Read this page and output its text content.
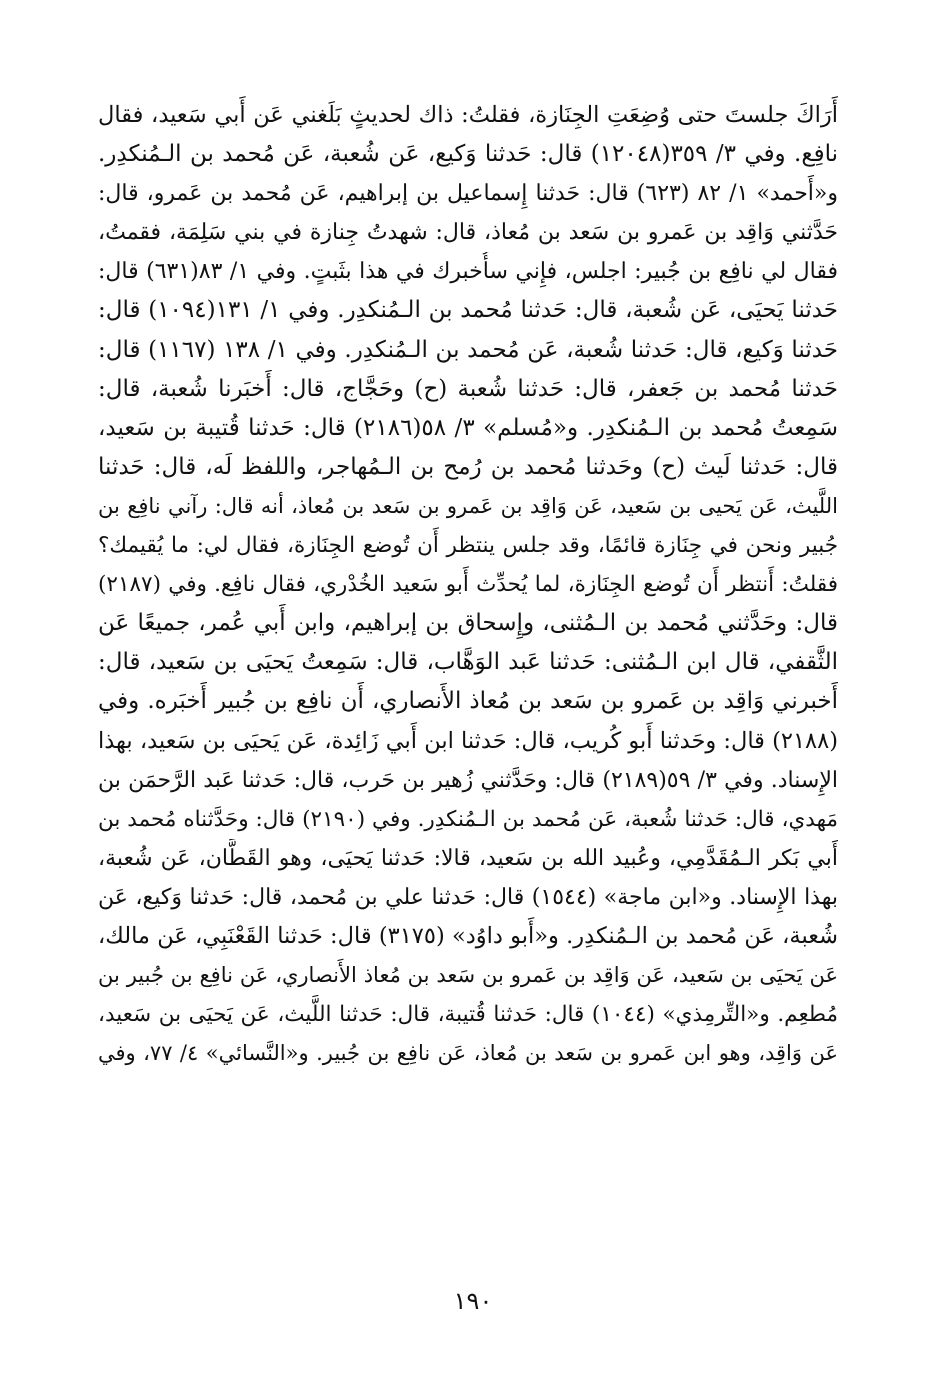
أَرَاكَ جلستَ حتى وُضِعَتِ الجِنَازة، فقلتُ: ذاك لحديثٍ بَلَغني عَن أَبي سَعيد، فقال
نافِع. وفي ٣/ ٣٥٩(١٢٠٤٨) قال: حَدثنا وَكيع، عَن شُعبة، عَن مُحمد بن الـمُنكدِر.
و«أَحمد» ١/ ٨٢ (٦٢٣) قال: حَدثنا إِسماعيل بن إبراهيم، عَن مُحمد بن عَمرو، قال:
حَدَّثني وَاقِد بن عَمرو بن سَعد بن مُعاذ، قال: شهدتُ جِنازة في بني سَلِمَة، فقمتُ،
فقال لي نافِع بن جُبير: اجلس، فإِني سأُخبرك في هذا بثَبتٍ. وفي ١/ ٨٣(٦٣١) قال:
حَدثنا يَحيَى، عَن شُعبة، قال: حَدثنا مُحمد بن الـمُنكدِر. وفي ١/ ١٣١(١٠٩٤) قال:
حَدثنا وَكيع، قال: حَدثنا شُعبة، عَن مُحمد بن الـمُنكدِر. وفي ١/ ١٣٨ (١١٦٧) قال:
حَدثنا مُحمد بن جَعفر، قال: حَدثنا شُعبة (ح) وحَجَّاج، قال: أَخبَرنا شُعبة، قال:
سَمِعتُ مُحمد بن الـمُنكدِر. و«مُسلم» ٣/ ٥٨(٢١٨٦) قال: حَدثنا قُتيبة بن سَعيد،
قال: حَدثنا لَيث (ح) وحَدثنا مُحمد بن رُمح بن الـمُهاجر، واللفظ لَه، قال: حَدثنا
اللَّيث، عَن يَحيى بن سَعيد، عَن وَاقِد بن عَمرو بن سَعد بن مُعاذ، أنه قال: رآني نافِع بن
جُبير ونحن في جِنَازة قائمًا، وقد جلس ينتظر أَن تُوضع الجِنَازة، فقال لي: ما يُقيمك؟
فقلتُ: أَنتظر أَن تُوضع الجِنَازة، لما يُحدِّث أَبو سَعيد الخُدْري، فقال نافِع. وفي (٢١٨٧)
قال: وحَدَّثني مُحمد بن الـمُثنى، وإِسحاق بن إبراهيم، وابن أَبي عُمر، جميعًا عَن
الثَّقفي، قال ابن الـمُثنى: حَدثنا عَبد الوَهَّاب، قال: سَمِعتُ يَحيَى بن سَعيد، قال:
أَخبرني وَاقِد بن عَمرو بن سَعد بن مُعاذ الأَنصاري، أَن نافِع بن جُبير أَخبَره. وفي
(٢١٨٨) قال: وحَدثنا أَبو كُريب، قال: حَدثنا ابن أَبي زَائِدة، عَن يَحيَى بن سَعيد، بهذا
الإِسناد. وفي ٣/ ٥٩(٢١٨٩) قال: وحَدَّثني زُهير بن حَرب، قال: حَدثنا عَبد الرَّحمَن بن
مَهدي، قال: حَدثنا شُعبة، عَن مُحمد بن الـمُنكدِر. وفي (٢١٩٠) قال: وحَدَّثناه مُحمد بن
أَبي بَكر الـمُقَدَّمِي، وعُبيد الله بن سَعيد، قالا: حَدثنا يَحيَى، وهو القَطَّان، عَن شُعبة،
بهذا الإِسناد. و«ابن ماجة» (١٥٤٤) قال: حَدثنا علي بن مُحمد، قال: حَدثنا وَكيع، عَن
شُعبة، عَن مُحمد بن الـمُنكدِر. و«أَبو داوُد» (٣١٧٥) قال: حَدثنا القَعْنَبِي، عَن مالك،
عَن يَحيَى بن سَعيد، عَن وَاقِد بن عَمرو بن سَعد بن مُعاذ الأَنصاري، عَن نافِع بن جُبير بن
مُطعِم. و«التِّرمِذي» (١٠٤٤) قال: حَدثنا قُتيبة، قال: حَدثنا اللَّيث، عَن يَحيَى بن سَعيد،
عَن وَاقِد، وهو ابن عَمرو بن سَعد بن مُعاذ، عَن نافِع بن جُبير. و«النَّسائي» ٤/ ٧٧، وفي
١٩٠
